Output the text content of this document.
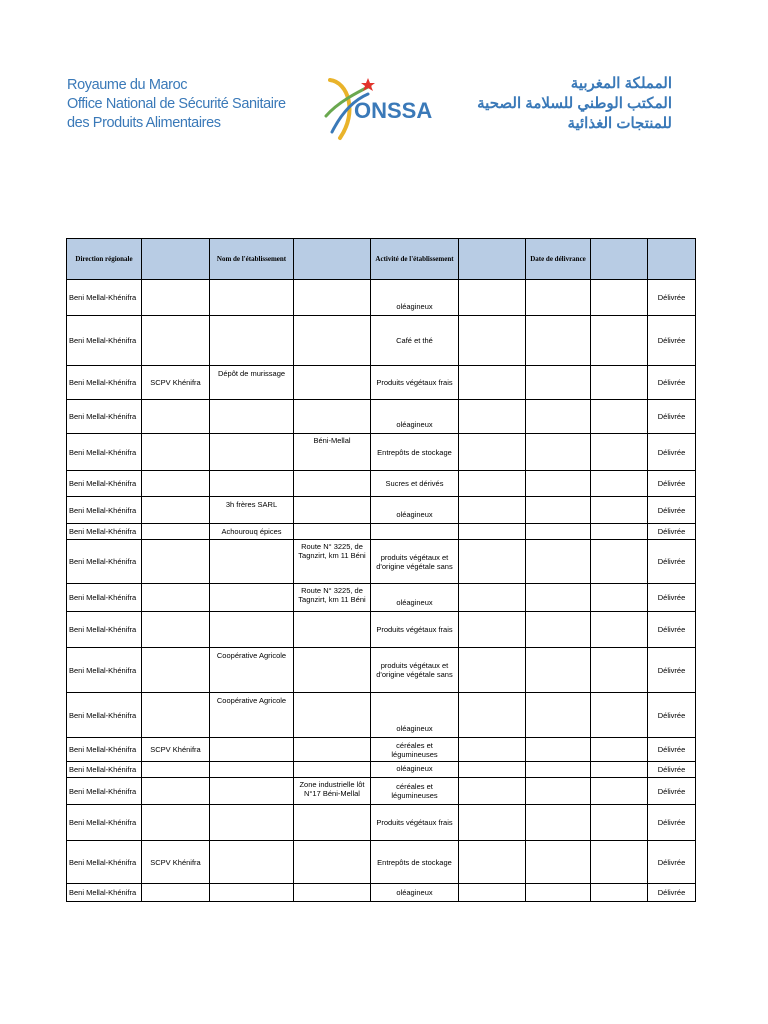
Royaume du Maroc
Office National de Sécurité Sanitaire
des Produits Alimentaires	ONSSA
المملكة المغربية
المكتب الوطني للسلامة الصحية
للمنتجات الغذائية
Direction régionale		Nom de l'établissement		Activité de l'établissement		Date de délivrance		
Beni Mellal-Khénifra				oléagineux				Délivrée
Beni Mellal-Khénifra				Café et thé				Délivrée
Beni Mellal-Khénifra	SCPV Khénifra	Dépôt de murissage		Produits végétaux frais				Délivrée
Beni Mellal-Khénifra				oléagineux				Délivrée
Beni Mellal-Khénifra			Béni-Mellal	Entrepôts de stockage				Délivrée
Beni Mellal-Khénifra				Sucres et dérivés				Délivrée
Beni Mellal-Khénifra		3h frères SARL		oléagineux				Délivrée
Beni Mellal-Khénifra		Achourouq épices						Délivrée
Beni Mellal-Khénifra			Route N° 3225, de Tagnzirt, km 11 Béni	produits végétaux et d'origine végétale sans				Délivrée
Beni Mellal-Khénifra			Route N° 3225, de Tagnzirt, km 11 Béni	oléagineux				Délivrée
Beni Mellal-Khénifra				Produits végétaux frais				Délivrée
Beni Mellal-Khénifra		Coopérative Agricole		produits végétaux et d'origine végétale sans				Délivrée
Beni Mellal-Khénifra		Coopérative Agricole		oléagineux				Délivrée
Beni Mellal-Khénifra	SCPV Khénifra			céréales et légumineuses				Délivrée
Beni Mellal-Khénifra				oléagineux				Délivrée
Beni Mellal-Khénifra			Zone industrielle lôt N°17 Béni-Mellal	céréales et légumineuses				Délivrée
Beni Mellal-Khénifra				Produits végétaux frais				Délivrée
Beni Mellal-Khénifra	SCPV Khénifra			Entrepôts de stockage				Délivrée
Beni Mellal-Khénifra				oléagineux				Délivrée
